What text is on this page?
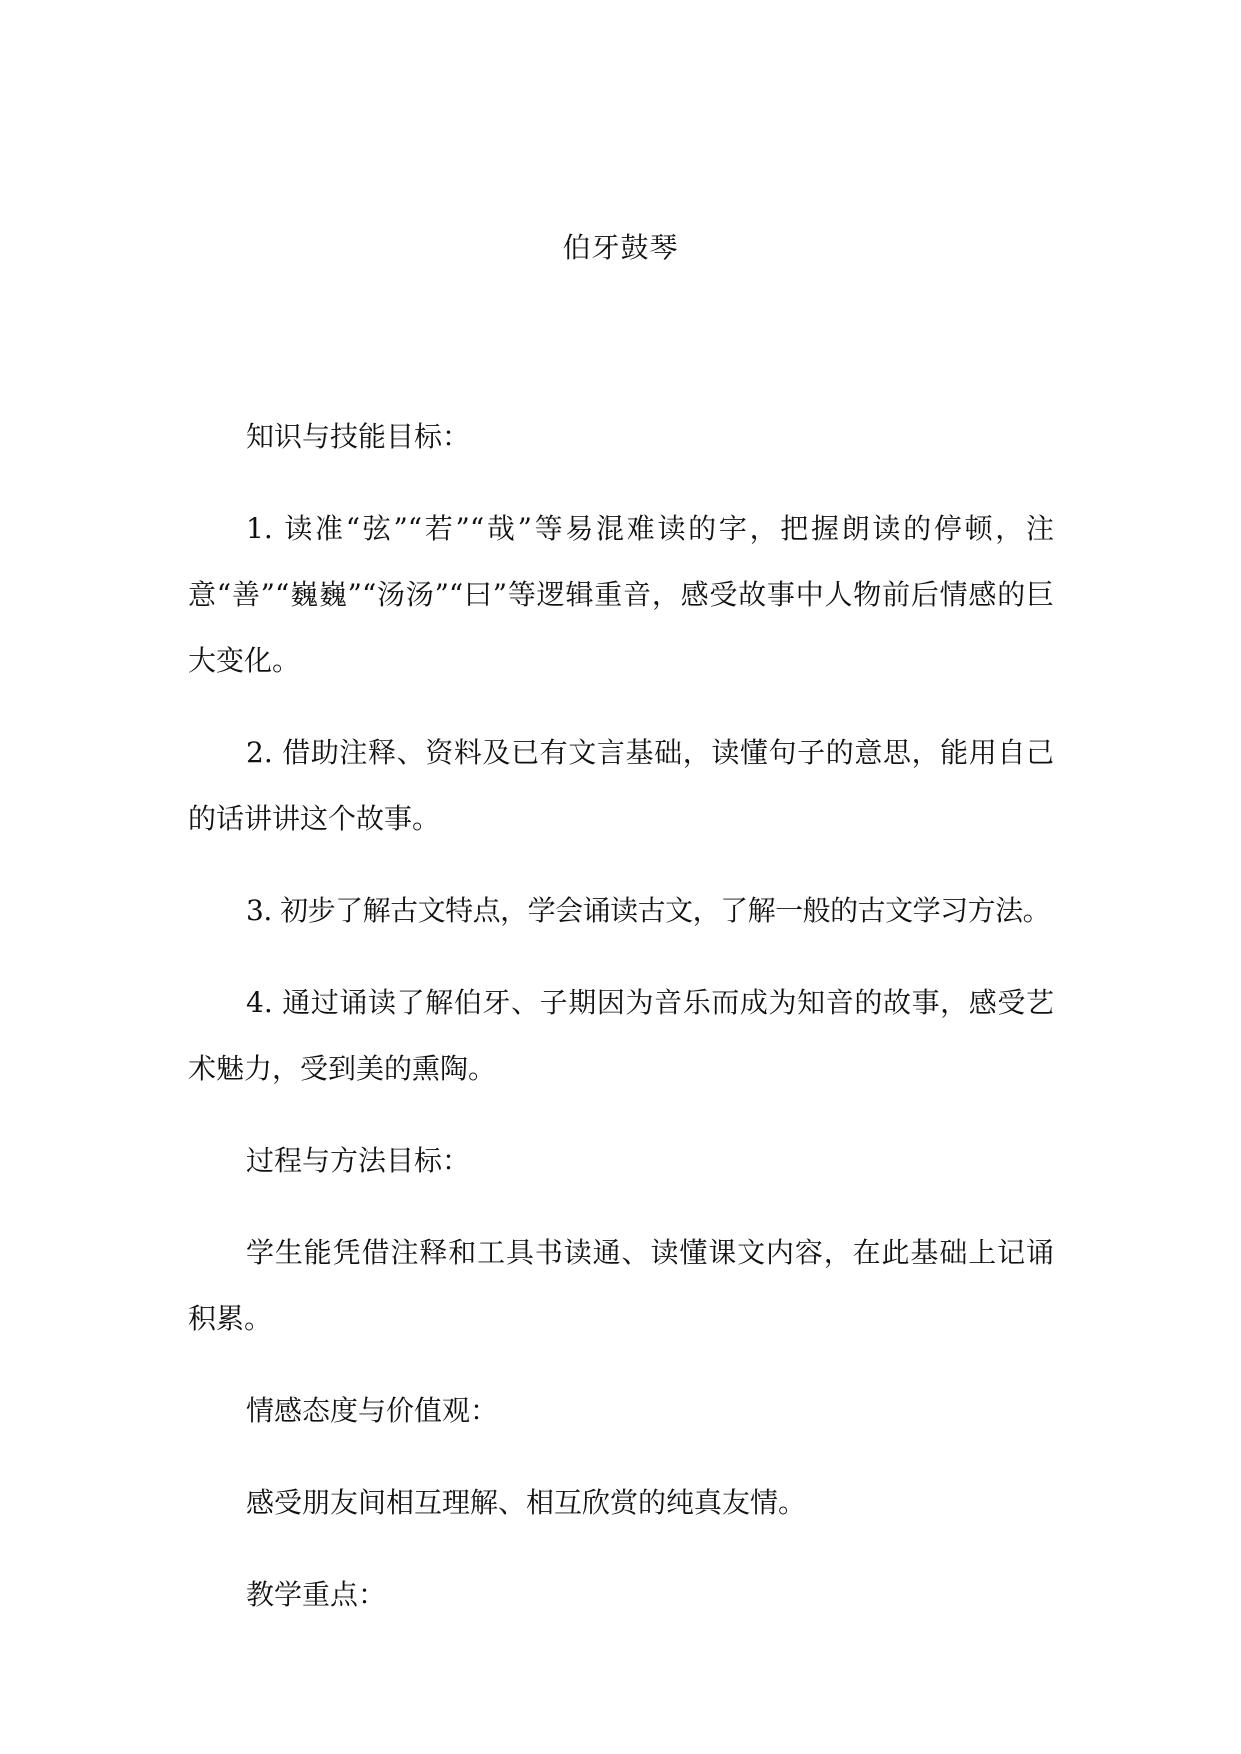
伯牙鼓琴

知识与技能目标：

1. 读准“弦”“若”“哉”等易混难读的字，把握朗读的停顿，注意“善”“巍巍”“汤汤”“曰”等逻辑重音，感受故事中人物前后情感的巨大变化。

2. 借助注释、资料及已有文言基础，读懂句子的意思，能用自己的话讲讲这个故事。

3. 初步了解古文特点，学会诵读古文，了解一般的古文学习方法。

4. 通过诵读了解伯牙、子期因为音乐而成为知音的故事，感受艺术魅力，受到美的熏陶。

过程与方法目标：

学生能凭借注释和工具书读通、读懂课文内容，在此基础上记诵积累。

情感态度与价值观：

感受朋友间相互理解、相互欣赏的纯真友情。

教学重点：
